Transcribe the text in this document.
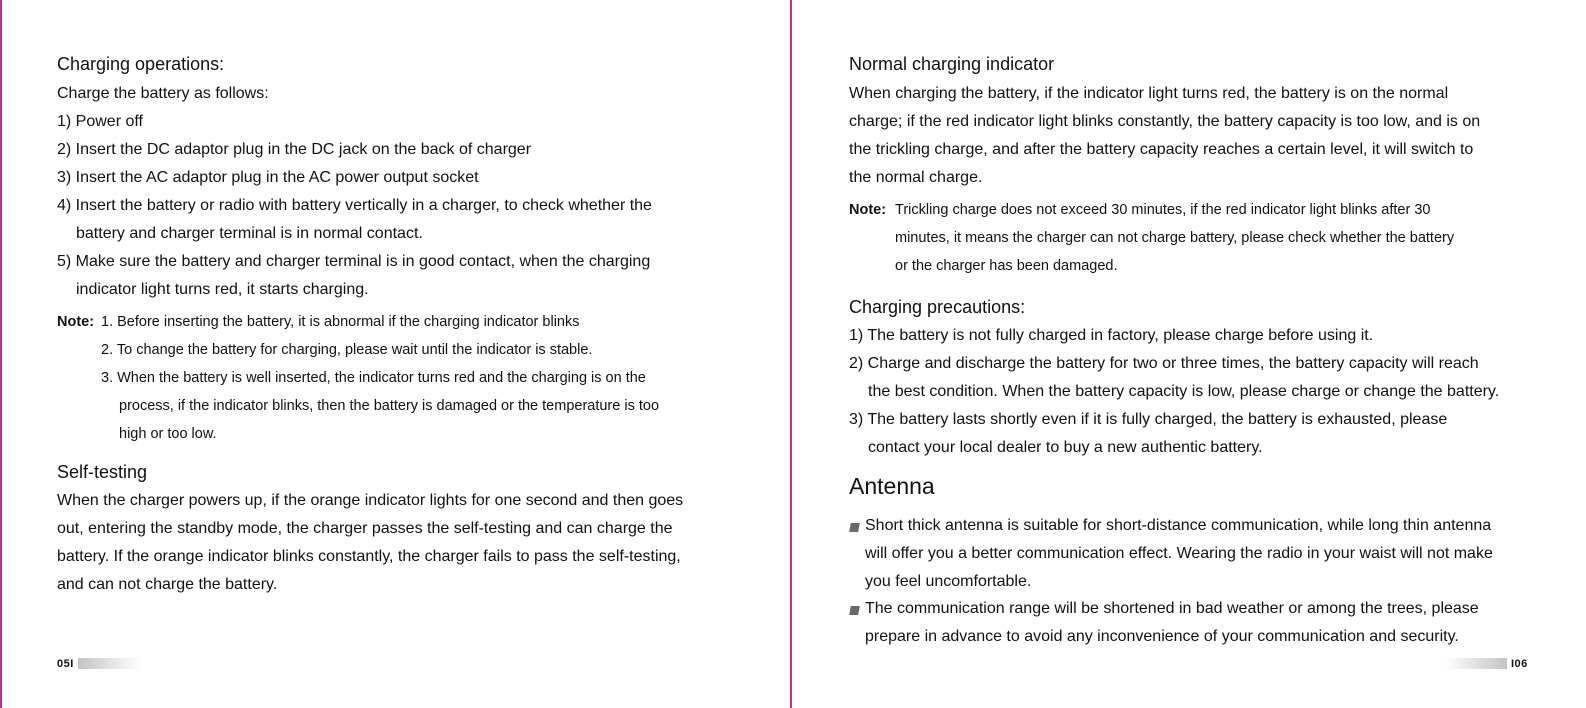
Charging operations:
Charge the battery as follows:
1) Power off
2) Insert the DC adaptor plug in the DC jack on the back of charger
3) Insert the AC adaptor plug in the AC power output socket
4) Insert the battery or radio with battery vertically in a charger, to check whether the
battery and charger terminal is in normal contact.
5) Make sure the battery and charger terminal is in good contact, when the charging
indicator light turns red, it starts charging.
Note: 1. Before inserting the battery, it is abnormal if the charging indicator blinks
2. To change the battery for charging, please wait until the indicator is stable.
3. When the battery is well inserted, the indicator turns red and the charging is on the
process, if the indicator blinks, then the battery is damaged or the temperature is too
high or too low.
Self-testing
When the charger powers up, if the orange indicator lights for one second and then goes
out, entering the standby mode, the charger passes the self-testing and can charge the
battery. If the orange indicator blinks constantly, the charger fails to pass the self-testing,
and can not charge the battery.
05I
Normal charging indicator
When charging the battery, if the indicator light turns red, the battery is on the normal
charge; if the red indicator light blinks constantly, the battery capacity is too low, and is on
the trickling charge, and after the battery capacity reaches a certain level, it will switch to
the normal charge.
Note: Trickling charge does not exceed 30 minutes, if the red indicator light blinks after 30
minutes, it means the charger can not charge battery, please check whether the battery
or the charger has been damaged.
Charging precautions:
1) The battery is not fully charged in factory, please charge before using it.
2) Charge and discharge the battery for two or three times, the battery capacity will reach
the best condition. When the battery capacity is low, please charge or change the battery.
3) The battery lasts shortly even if it is fully charged, the battery is exhausted, please
contact your local dealer to buy a new authentic battery.
Antenna
Short thick antenna is suitable for short-distance communication, while long thin antenna
will offer you a better communication effect. Wearing the radio in your waist will not make
you feel uncomfortable.
The communication range will be shortened in bad weather or among the trees, please
prepare in advance to avoid any inconvenience of your communication and security.
I06
